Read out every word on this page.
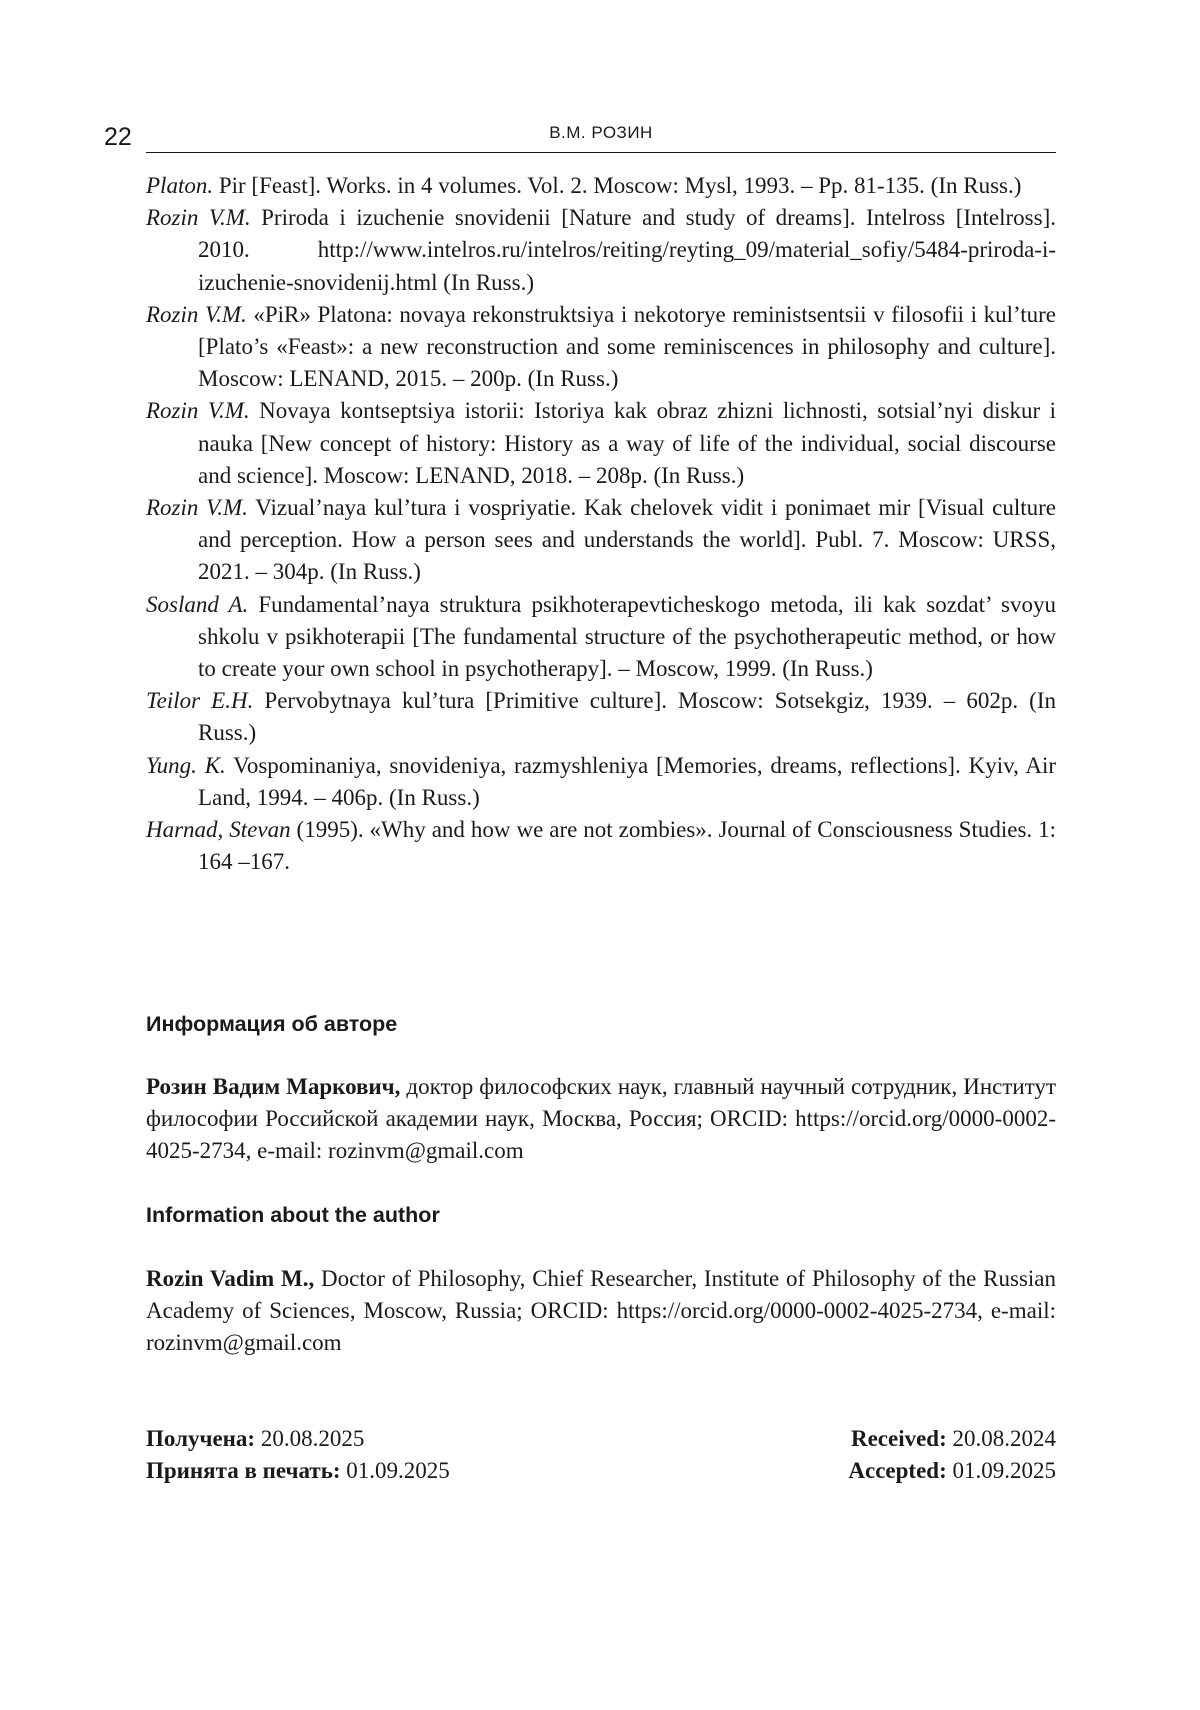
22	В.М. РОЗИН

Platon. Pir [Feast]. Works. in 4 volumes. Vol. 2. Moscow: Mysl, 1993. – Pp. 81-135. (In Russ.)
Rozin V.M. Priroda i izuchenie snovidenii [Nature and study of dreams]. Intelross [Intelross]. 2010. http://www.intelros.ru/intelros/reiting/reyting_09/material_sofiy/5484-priroda-i-izuchenie-snovidenij.html (In Russ.)
Rozin V.M. «PiR» Platona: novaya rekonstruktsiya i nekotorye reministsentsii v filosofii i kul’ture [Plato’s «Feast»: a new reconstruction and some reminiscences in philosophy and culture]. Moscow: LENAND, 2015. – 200p. (In Russ.)
Rozin V.M. Novaya kontseptsiya istorii: Istoriya kak obraz zhizni lichnosti, sotsial’nyi diskur i nauka [New concept of history: History as a way of life of the individual, social discourse and science]. Moscow: LENAND, 2018. – 208p. (In Russ.)
Rozin V.M. Vizual’naya kul’tura i vospriyatie. Kak chelovek vidit i ponimaet mir [Visual culture and perception. How a person sees and understands the world]. Publ. 7. Moscow: URSS, 2021. – 304p. (In Russ.)
Sosland A. Fundamental’naya struktura psikhoterapevticheskogo metoda, ili kak sozdat’ svoyu shkolu v psikhoterapii [The fundamental structure of the psychotherapeutic method, or how to create your own school in psychotherapy]. – Moscow, 1999. (In Russ.)
Teilor E.H. Pervobytnaya kul’tura [Primitive culture]. Moscow: Sotsekgiz, 1939. – 602p. (In Russ.)
Yung. K. Vospominaniya, snovideniya, razmyshleniya [Memories, dreams, reflections]. Kyiv, Air Land, 1994. – 406p. (In Russ.)
Harnad, Stevan (1995). «Why and how we are not zombies». Journal of Consciousness Studies. 1: 164 –167.
Информация об авторе

Розин Вадим Маркович, доктор философских наук, главный научный сотрудник, Институт философии Российской академии наук, Москва, Россия; ORCID: https://orcid.org/0000-0002-4025-2734, e-mail: rozinvm@gmail.com

Information about the author

Rozin Vadim M., Doctor of Philosophy, Chief Researcher, Institute of Philosophy of the Russian Academy of Sciences, Moscow, Russia; ORCID: https://orcid.org/0000-0002-4025-2734, e-mail: rozinvm@gmail.com

Получена: 20.08.2025	Received: 20.08.2024
Принята в печать: 01.09.2025	Accepted: 01.09.2025
